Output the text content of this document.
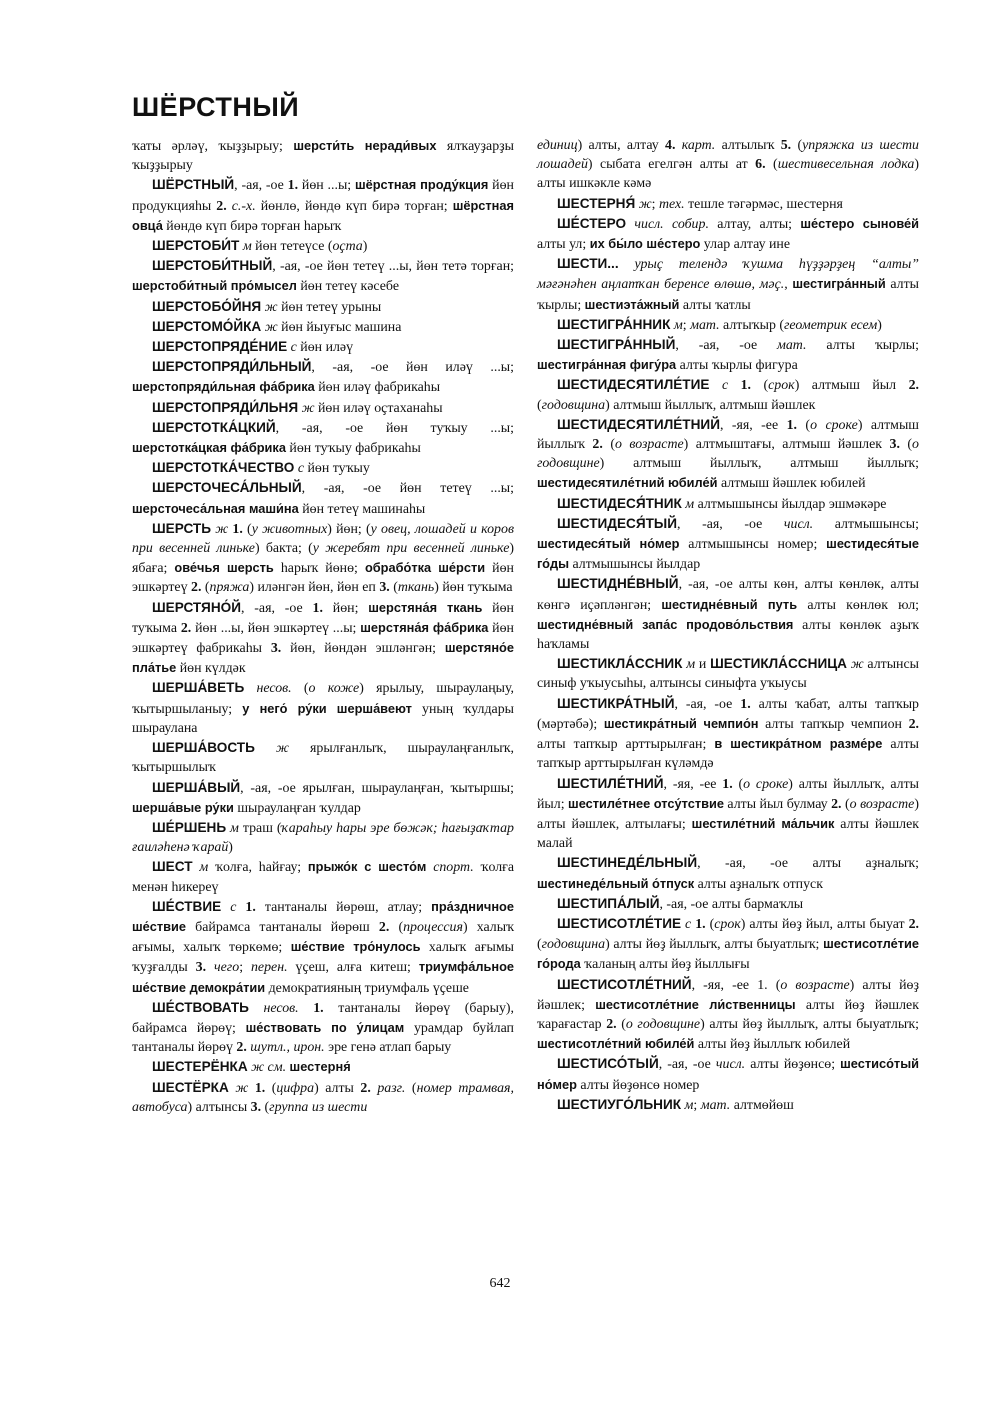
ШЁРСТНЫЙ

ҡаты әрләү, ҡыҙҙырыу; шерсти́ть неради́вых ялҡауҙарҙы ҡыҙҙырыу

ШЁРСТНЫЙ, -ая, -ое 1. йөн ...ы; шёрстная проду́кция йөн продукцияһы 2. с.-х. йөнлө, йөндө күп бирә торған; шёрстная овца́ йөндө күп бирә торған һарыҡ

ШЕРСТОБИ́Т м йөн тетеүсе (оҫта)

ШЕРСТОБИ́ТНЫЙ, -ая, -ое йөн тетеү ...ы, йөн тетә торған; шерстоби́тный про́мысел йөн тетеү кәсебе

ШЕРСТОБО́ЙНЯ ж йөн тетеү урыны

ШЕРСТОМО́ЙКА ж йөн йыуғыс машина

ШЕРСТОПРЯДЕ́НИЕ с йөн иләү

ШЕРСТОПРЯДИ́ЛЬНЫЙ, -ая, -ое йөн иләү ...ы; шерстопряди́льная фа́брика йөн иләү фабрикаһы

ШЕРСТОПРЯДИ́ЛЬНЯ ж йөн иләү оҫтаханаһы

ШЕРСТОТКА́ЦКИЙ, -ая, -ое йөн туҡыу ...ы; шерстотка́цкая фа́брика йөн туҡыу фабрикаһы

ШЕРСТОТКА́ЧЕСТВО с йөн туҡыу

ШЕРСТОЧЕСА́ЛЬНЫЙ, -ая, -ое йөн тетеү ...ы; шерсточеса́льная маши́на йөн тетеү машинаһы

ШЕРСТЬ ж 1. (у животных) йөн; (у овец, лошадей и коров при весенней линьке) бакта; (у жеребят при весенней линьке) ябаға; ове́чья шерсть һарыҡ йөнө; обрабо́тка ше́рсти йөн эшкәртеү 2. (пряжа) иләнгән йөн, йөн еп 3. (ткань) йөн туҡыма

ШЕРСТЯНО́Й, -ая, -ое 1. йөн; шерстяна́я ткань йөн туҡыма 2. йөн ...ы, йөн эшкәртеү ...ы; шерстяна́я фа́брика йөн эшкәртеү фабрикаһы 3. йөн, йөндән эшләнгән; шерстяно́е пла́тье йөн күлдәк

ШЕРША́ВЕТЬ несов. (о коже) ярылыу, шыраулаңыу, ҡытыршыланыу; у него́ ру́ки шерша́веют уның ҡулдары шыраулана

ШЕРША́ВОСТЬ ж ярылғанлыҡ, шыраулаңғанлыҡ, ҡытыршылыҡ

ШЕРША́ВЫЙ, -ая, -ое ярылған, шыраулаңған, ҡытыршы; шерша́вые ру́ки шыраулаңған ҡулдар

ШЕ́РШЕНЬ м траш (ҡараһыу һары эре бөжәк; һағыҙаҡтар ғаиләһенә ҡарай)

ШЕСТ м ҡолға, һайғау; прыжо́к с шесто́м спорт. ҡолға менән һикереү

ШЕ́СТВИЕ с 1. тантаналы йөрөш, атлау; пра́здничное ше́ствие байрамса тантаналы йөрөш 2. (процессия) халыҡ ағымы, халыҡ төркөмө; ше́ствие тро́нулось халыҡ ағымы ҡуҙғалды 3. чего; перен. үҫеш, алға китеш; триумфа́льное ше́ствие демокра́тии демократияның триумфаль үҫеше

ШЕ́СТВОВАТЬ несов. 1. тантаналы йөрөү (барыу), байрамса йөрөү; ше́ствовать по у́лицам урамдар буйлап тантаналы йөрөү 2. шутл., ирон. эре генә атлап барыу

ШЕСТЕРЁНКА ж см. шестерня́

ШЕСТЁРКА ж 1. (цифра) алты 2. разг. (номер трамвая, автобуса) алтынсы 3. (группа из шести

единиц) алты, алтау 4. карт. алтылыҡ 5. (упряжка из шести лошадей) сыбата егелгән алты ат 6. (шестивесельная лодка) алты ишкәкле кәмә

ШЕСТЕРНЯ́ ж; тех. тешле тәгәрмәс, шестерня

ШЕ́СТЕРО числ. собир. алтау, алты; ше́стеро сынове́й алты ул; их бы́ло ше́стеро улар алтау ине

ШЕСТИ... урыҫ телендә ҡушма һүҙҙәрҙең “алты” мәғәнәһен аңлатҡан беренсе өлөшө, мәҫ., шестигра́нный алты ҡырлы; шестиэта́жный алты ҡатлы

ШЕСТИГРА́ННИК м; мат. алтыҡыр (геометрик есем)

ШЕСТИГРА́ННЫЙ, -ая, -ое мат. алты ҡырлы; шестигра́нная фигу́ра алты ҡырлы фигура

ШЕСТИДЕСЯТИЛЕ́ТИЕ с 1. (срок) алтмыш йыл 2. (годовщина) алтмыш йыллыҡ, алтмыш йәшлек

ШЕСТИДЕСЯТИЛЕ́ТНИЙ, -яя, -ее 1. (о сроке) алтмыш йыллыҡ 2. (о возрасте) алтмыштағы, алтмыш йәшлек 3. (о годовщине) алтмыш йыллыҡ, алтмыш йыллыҡ; шестидесятиле́тний юбиле́й алтмыш йәшлек юбилей

ШЕСТИДЕСЯ́ТНИК м алтмышынсы йылдар эшмәкәре

ШЕСТИДЕСЯ́ТЫЙ, -ая, -ое числ. алтмышынсы; шестидеся́тый но́мер алтмышынсы номер; шестидеся́тые го́ды алтмышынсы йылдар

ШЕСТИДНЕ́ВНЫЙ, -ая, -ое алты көн, алты көнлөк, алты көнгә иҫәпләнгән; шестидне́вный путь алты көнлөк юл; шестидне́вный запа́с продово́льствия алты көнлөк аҙыҡ һаҡламы

ШЕСТИКЛА́ССНИК м и ШЕСТИКЛА́ССНИЦА ж алтынсы синыф уҡыусыһы, алтынсы синыфта уҡыусы

ШЕСТИКРА́ТНЫЙ, -ая, -ое 1. алты ҡабат, алты тапҡыр (мәртәбә); шестикра́тный чемпио́н алты тапҡыр чемпион 2. алты тапҡыр арттырылған; в шестикра́тном разме́ре алты тапҡыр арттырылған күләмдә

ШЕСТИЛЕ́ТНИЙ, -яя, -ее 1. (о сроке) алты йыллыҡ, алты йыл; шестиле́тнее отсу́тствие алты йыл булмау 2. (о возрасте) алты йәшлек, алтылағы; шестиле́тний ма́льчик алты йәшлек малай

ШЕСТИНЕДЕ́ЛЬНЫЙ, -ая, -ое алты аҙналыҡ; шестинеде́льный о́тпуск алты аҙналыҡ отпуск

ШЕСТИПА́ЛЫЙ, -ая, -ое алты бармаҡлы

ШЕСТИСОТЛЕ́ТИЕ с 1. (срок) алты йөҙ йыл, алты быуат 2. (годовщина) алты йөҙ йыллыҡ, алты быуатлыҡ; шестисотле́тие го́рода ҡаланың алты йөҙ йыллығы

ШЕСТИСОТЛЕ́ТНИЙ, -яя, -ее 1. (о возрасте) алты йөҙ йәшлек; шестисотле́тние ли́ственницы алты йөҙ йәшлек ҡарағастар 2. (о годовщине) алты йөҙ йыллыҡ, алты быуатлыҡ; шестисотле́тний юбиле́й алты йөҙ йыллыҡ юбилей

ШЕСТИСО́ТЫЙ, -ая, -ое числ. алты йөҙөнсө; шестисо́тый но́мер алты йөҙөнсө номер

ШЕСТИУГО́ЛЬНИК м; мат. алтмөйөш

642
